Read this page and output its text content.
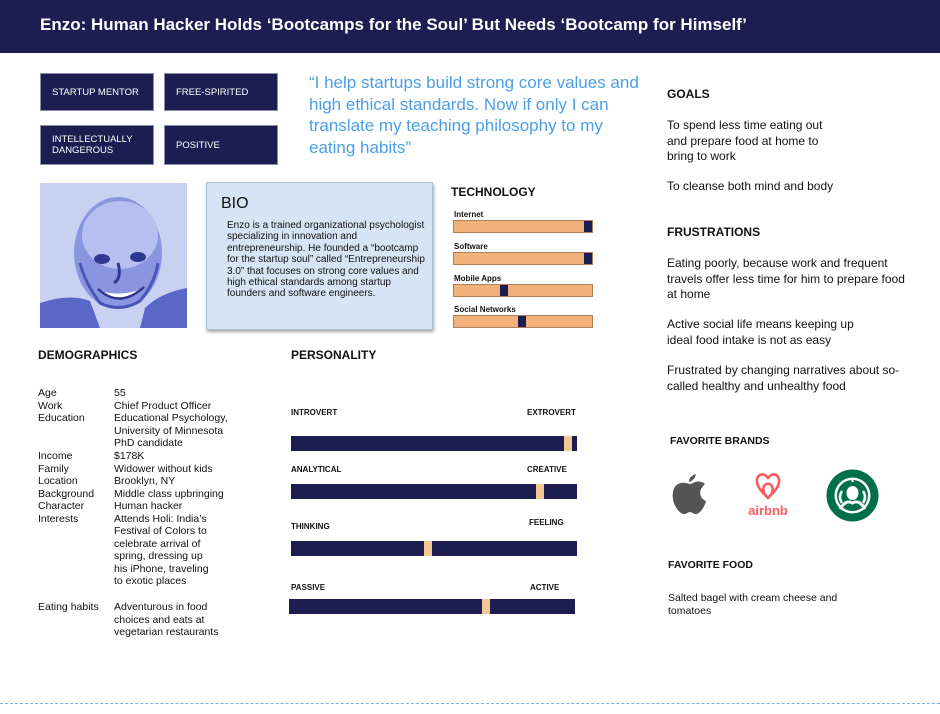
Enzo: Human Hacker Holds ‘Bootcamps for the Soul’ But Needs ‘Bootcamp for Himself’
STARTUP MENTOR	FREE-SPIRITED
INTELLECTUALLY DANGEROUS	POSITIVE
“I help startups build strong core values and high ethical standards. Now if only I can translate my teaching philosophy to my eating habits”
BIO
Enzo is a trained organizational psychologist specializing in innovation and entrepreneurship. He founded a “bootcamp for the startup soul” called “Entrepreneurship 3.0” that focuses on strong core values and high ethical standards among startup founders and software engineers.
TECHNOLOGY
Internet
Software
Mobile Apps
Social Networks
DEMOGRAPHICS
Age	55
Work	Chief Product Officer
Education	Educational Psychology, University of Minnesota PhD candidate
Income	$178K
Family	Widower without kids
Location	Brooklyn, NY
Background Middle class upbringing
Character	Human hacker
Interests	Attends Holi: India’s Festival of Colors to celebrate arrival of spring, dressing up his iPhone, traveling to exotic places
Eating habits Adventurous in food choices and eats at vegetarian restaurants
PERSONALITY
INTROVERT	EXTROVERT
ANALYTICAL	CREATIVE
THINKING	FEELING
PASSIVE	ACTIVE
GOALS
To spend less time eating out and prepare food at home to bring to work
To cleanse both mind and body
FRUSTRATIONS
Eating poorly, because work and frequent travels offer less time for him to prepare food at home
Active social life means keeping up ideal food intake is not as easy
Frustrated by changing narratives about so-called healthy and unhealthy food
FAVORITE BRANDS
airbnb
FAVORITE FOOD
Salted bagel with cream cheese and tomatoes
